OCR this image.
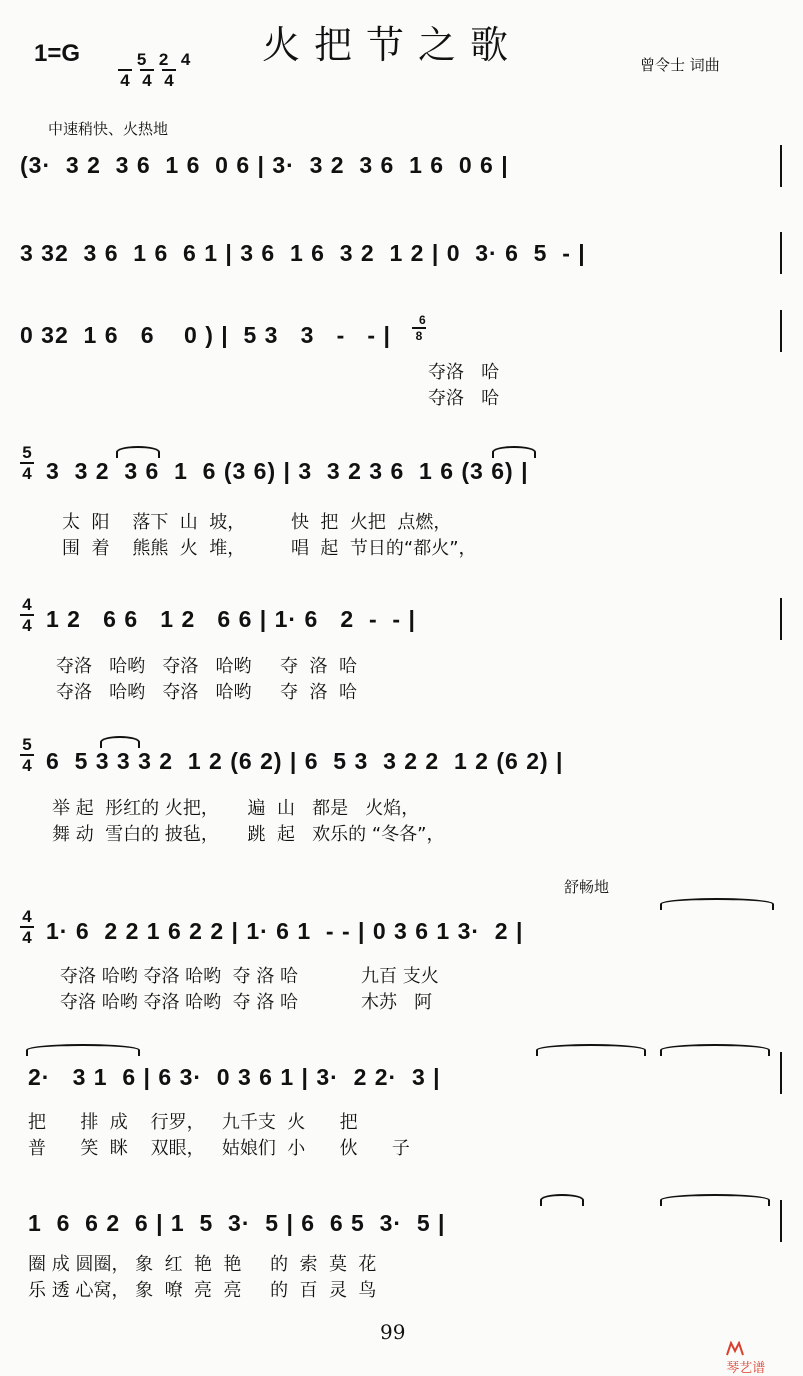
1=G

	5
4

2
4

4
4

火把节之歌	曾令士 词曲
中速稍快、火热地
(3·  3 2  3 6  1 6  0 6 | 3·  3 2  3 6  1 6  0 6 |
3 32  3 6  1 6  6 1 | 3 6  1 6  3 2  1 2 | 0  3· 6  5  - |
0 32  1 6   6    0 ) |  5 3   3   -   - |

6
8

夺洛   哈
夺洛   哈
5
4 3  3 2  3 6  1  6 (3 6) | 3  3 2 3 6  1 6 (3 6) |
太  阳    落下  山  坡，        快  把  火把  点燃，
围  着    熊熊  火  堆，        唱  起  节日的“都火”，
4
4 1 2   6 6   1 2   6 6 | 1· 6   2  -  - |
夺洛   哈哟   夺洛   哈哟     夺  洛  哈
夺洛   哈哟   夺洛   哈哟     夺  洛  哈
5
4 6  5 3 3 3 2  1 2 (6 2) | 6  5 3  3 2 2  1 2 (6 2) |
举 起  彤红的 火把，     遍  山   都是   火焰，
舞 动  雪白的 披毡，     跳  起   欢乐的 “冬各”，
舒畅地
4
4 1· 6  2 2 1 6 2 2 | 1· 6 1  - - | 0 3 6 1 3·  2 |
夺洛 哈哟 夺洛 哈哟  夺 洛 哈           九百 支火
夺洛 哈哟 夺洛 哈哟  夺 洛 哈           木苏   阿
2·   3 1  6 | 6 3·  0 3 6 1 | 3·  2 2·  3 |
把      排  成    行罗，   九千支  火      把
普      笑  眯    双眼，   姑娘们  小      伙      子
1  6  6 2  6 | 1  5  3·  5 | 6  6 5  3·  5 |
圈 成 圆圈， 象  红  艳  艳     的  索  莫  花
乐 透 心窝， 象  嘹  亮  亮     的  百  灵  鸟
99

琴艺谱
